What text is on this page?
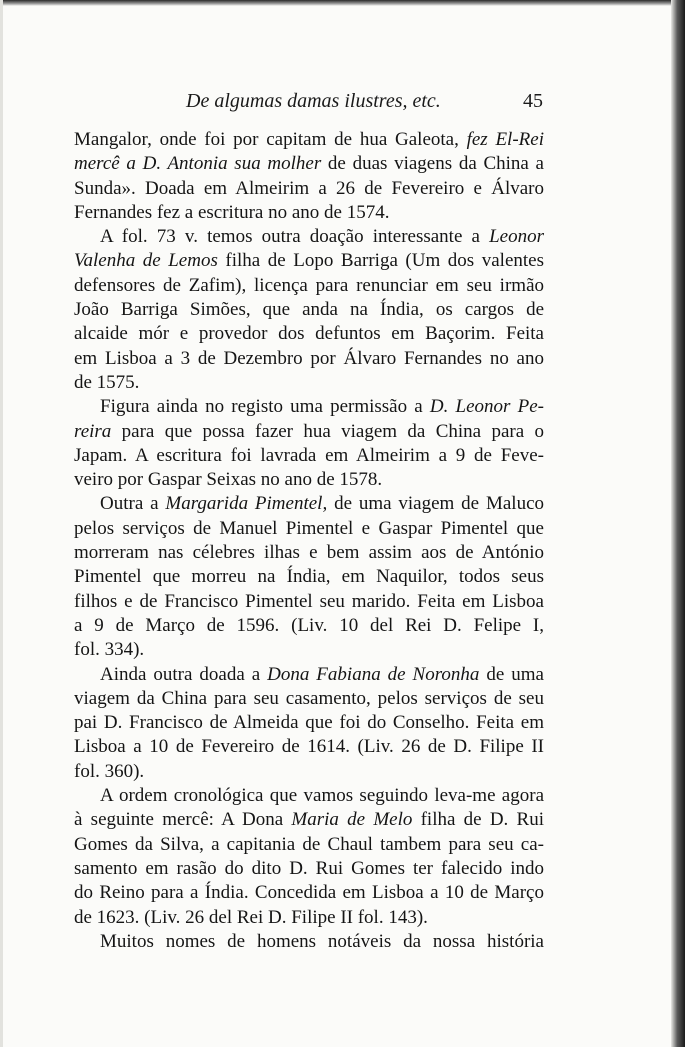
De algumas damas ilustres, etc.	45
Mangalor, onde foi por capitam de hua Galeota, fez El-Rei
mercê a D. Antonia sua molher de duas viagens da China a
Sunda». Doada em Almeirim a 26 de Fevereiro e Álvaro
Fernandes fez a escritura no ano de 1574.
A fol. 73 v. temos outra doação interessante a Leonor
Valenha de Lemos filha de Lopo Barriga (Um dos valentes
defensores de Zafim), licença para renunciar em seu irmão
João Barriga Simões, que anda na Índia, os cargos de
alcaide mór e provedor dos defuntos em Baçorim. Feita
em Lisboa a 3 de Dezembro por Álvaro Fernandes no ano
de 1575.
Figura ainda no registo uma permissão a D. Leonor Pe-
reira para que possa fazer hua viagem da China para o
Japam. A escritura foi lavrada em Almeirim a 9 de Feve-
veiro por Gaspar Seixas no ano de 1578.
Outra a Margarida Pimentel, de uma viagem de Maluco
pelos serviços de Manuel Pimentel e Gaspar Pimentel que
morreram nas célebres ilhas e bem assim aos de António
Pimentel que morreu na Índia, em Naquilor, todos seus
filhos e de Francisco Pimentel seu marido. Feita em Lisboa
a 9 de Março de 1596. (Liv. 10 del Rei D. Felipe I,
fol. 334).
Ainda outra doada a Dona Fabiana de Noronha de uma
viagem da China para seu casamento, pelos serviços de seu
pai D. Francisco de Almeida que foi do Conselho. Feita em
Lisboa a 10 de Fevereiro de 1614. (Liv. 26 de D. Filipe II
fol. 360).
A ordem cronológica que vamos seguindo leva-me agora
à seguinte mercê: A Dona Maria de Melo filha de D. Rui
Gomes da Silva, a capitania de Chaul tambem para seu ca-
samento em rasão do dito D. Rui Gomes ter falecido indo
do Reino para a Índia. Concedida em Lisboa a 10 de Março
de 1623. (Liv. 26 del Rei D. Filipe II fol. 143).
Muitos nomes de homens notáveis da nossa história
